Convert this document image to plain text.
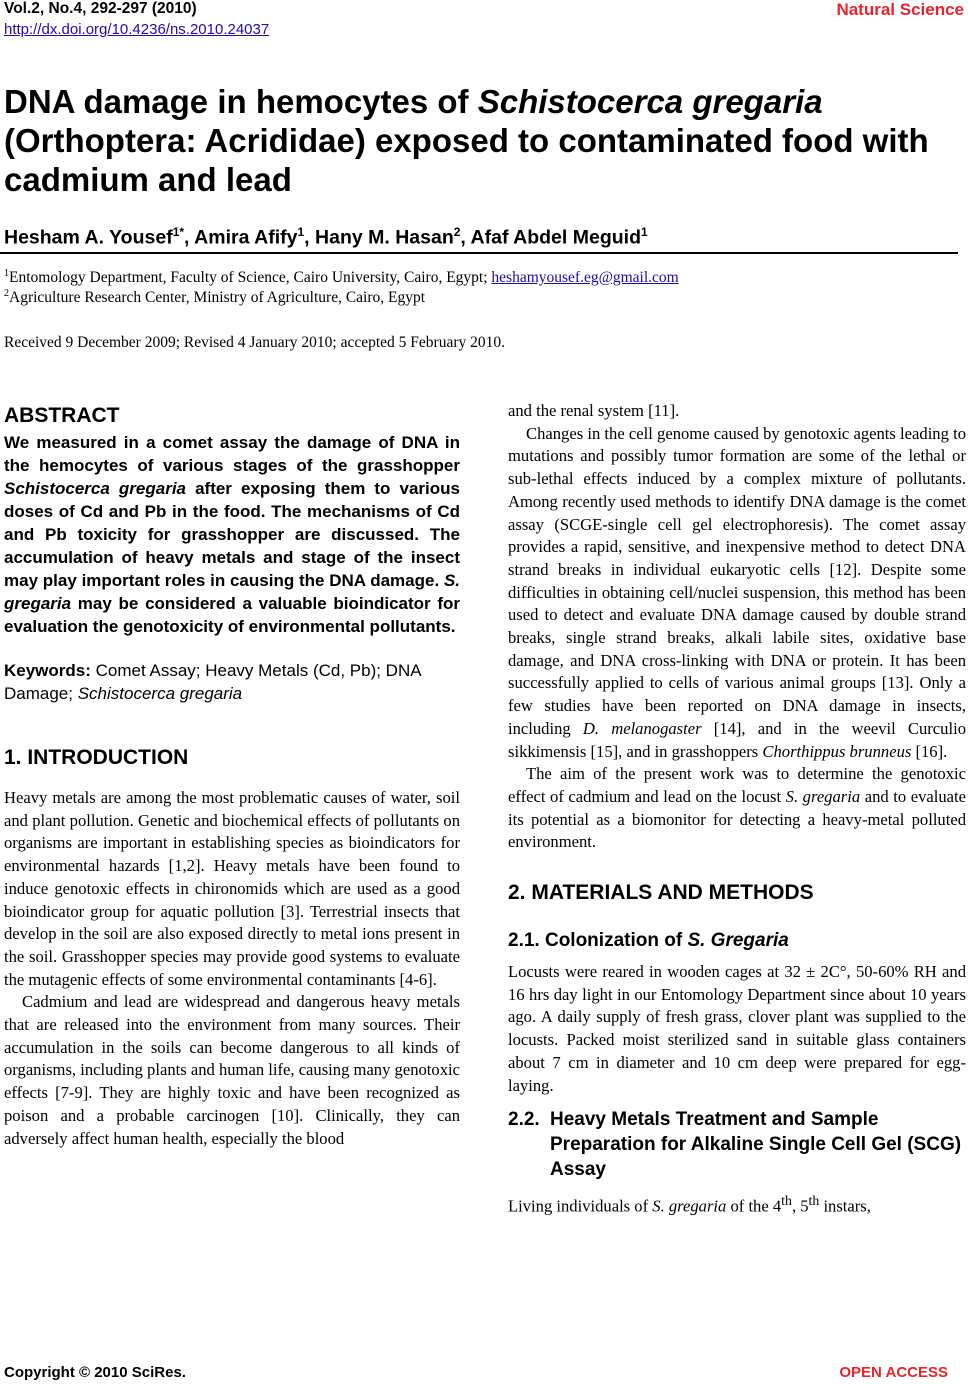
Vol.2, No.4, 292-297 (2010)
http://dx.doi.org/10.4236/ns.2010.24037
Natural Science
DNA damage in hemocytes of Schistocerca gregaria (Orthoptera: Acrididae) exposed to contaminated food with cadmium and lead
Hesham A. Yousef$^{1*}$, Amira Afify$^1$, Hany M. Hasan$^2$, Afaf Abdel Meguid$^1$
$^1$Entomology Department, Faculty of Science, Cairo University, Cairo, Egypt; heshamyousef.eg@gmail.com
$^2$Agriculture Research Center, Ministry of Agriculture, Cairo, Egypt
Received 9 December 2009; Revised 4 January 2010; accepted 5 February 2010.
ABSTRACT

We measured in a comet assay the damage of DNA in the hemocytes of various stages of the grasshopper Schistocerca gregaria after exposing them to various doses of Cd and Pb in the food. The mechanisms of Cd and Pb toxicity for grasshopper are discussed. The accumulation of heavy metals and stage of the insect may play important roles in causing the DNA damage. S. gregaria may be considered a valuable bioindicator for evaluation the genotoxicity of environmental pollutants.

Keywords: Comet Assay; Heavy Metals (Cd, Pb); DNA Damage; Schistocerca gregaria
1. INTRODUCTION

Heavy metals are among the most problematic causes of water, soil and plant pollution. Genetic and biochemical effects of pollutants on organisms are important in establishing species as bioindicators for environmental hazards [1,2]. Heavy metals have been found to induce genotoxic effects in chironomids which are used as a good bioindicator group for aquatic pollution [3]. Terrestrial insects that develop in the soil are also exposed directly to metal ions present in the soil. Grasshopper species may provide good systems to evaluate the mutagenic effects of some environmental contaminants [4-6].

Cadmium and lead are widespread and dangerous heavy metals that are released into the environment from many sources. Their accumulation in the soils can become dangerous to all kinds of organisms, including plants and human life, causing many genotoxic effects [7-9]. They are highly toxic and have been recognized as poison and a probable carcinogen [10]. Clinically, they can adversely affect human health, especially the blood

and the renal system [11].

Changes in the cell genome caused by genotoxic agents leading to mutations and possibly tumor formation are some of the lethal or sub-lethal effects induced by a complex mixture of pollutants. Among recently used methods to identify DNA damage is the comet assay (SCGE-single cell gel electrophoresis). The comet assay provides a rapid, sensitive, and inexpensive method to detect DNA strand breaks in individual eukaryotic cells [12]. Despite some difficulties in obtaining cell/nuclei suspension, this method has been used to detect and evaluate DNA damage caused by double strand breaks, single strand breaks, alkali labile sites, oxidative base damage, and DNA cross-linking with DNA or protein. It has been successfully applied to cells of various animal groups [13]. Only a few studies have been reported on DNA damage in insects, including D. melanogaster [14], and in the weevil Curculio sikkimensis [15], and in grasshoppers Chorthippus brunneus [16].

The aim of the present work was to determine the genotoxic effect of cadmium and lead on the locust S. gregaria and to evaluate its potential as a biomonitor for detecting a heavy-metal polluted environment.

2. MATERIALS AND METHODS
2.1. Colonization of S. Gregaria

Locusts were reared in wooden cages at 32 ± 2C°, 50-60% RH and 16 hrs day light in our Entomology Department since about 10 years ago. A daily supply of fresh grass, clover plant was supplied to the locusts. Packed moist sterilized sand in suitable glass containers about 7 cm in diameter and 10 cm deep were prepared for egg-laying.

2.2. Heavy Metals Treatment and Sample
Preparation for Alkaline Single Cell Gel (SCG) Assay

Living individuals of S. gregaria of the 4th, 5th instars,

Copyright © 2010 SciRes.	OPEN ACCESS
